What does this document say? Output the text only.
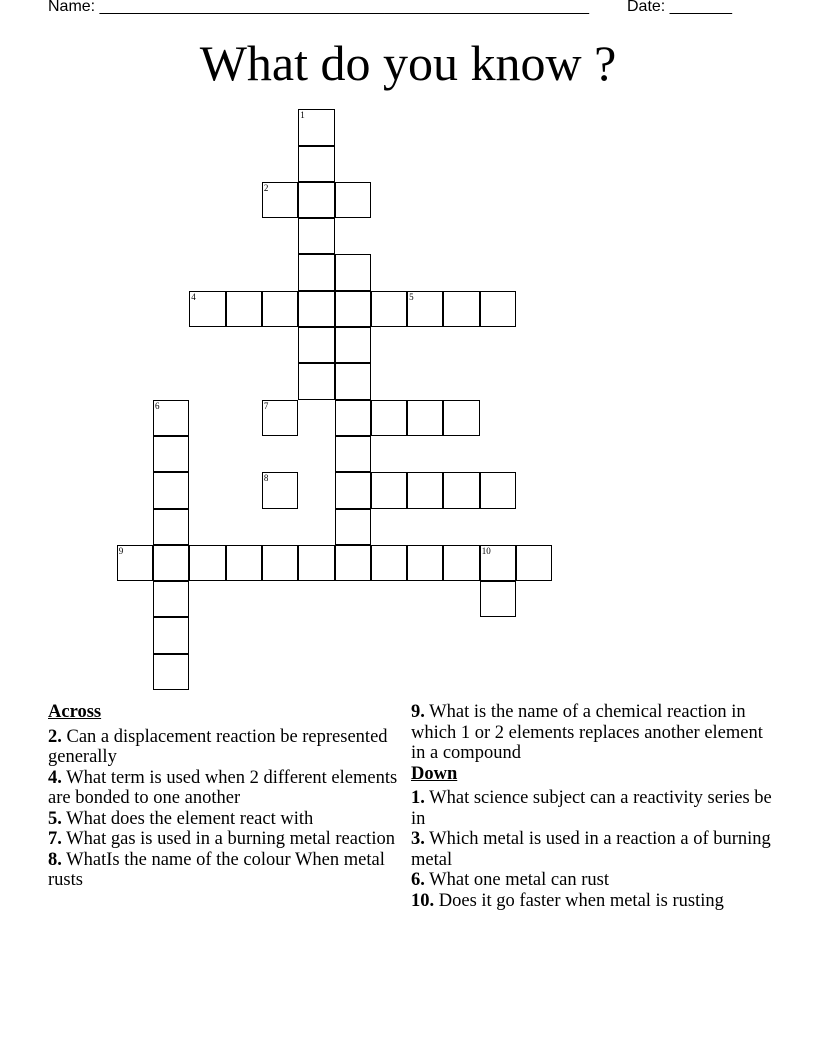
Name: _______________________________________________________ Date: _______
What do you know ?
1
2
4	5
6	7
8
9	10
Across
2. Can a displacement reaction be represented generally
4. What term is used when 2 different elements are bonded to one another
5. What does the element react with
7. What gas is used in a burning metal reaction
8. WhatIs the name of the colour When metal rusts
9. What is the name of a chemical reaction in which 1 or 2 elements replaces another element in a compound
Down
1. What science subject can a reactivity series be in
3. Which metal is used in a reaction a of burning metal
6. What one metal can rust
10. Does it go faster when metal is rusting
